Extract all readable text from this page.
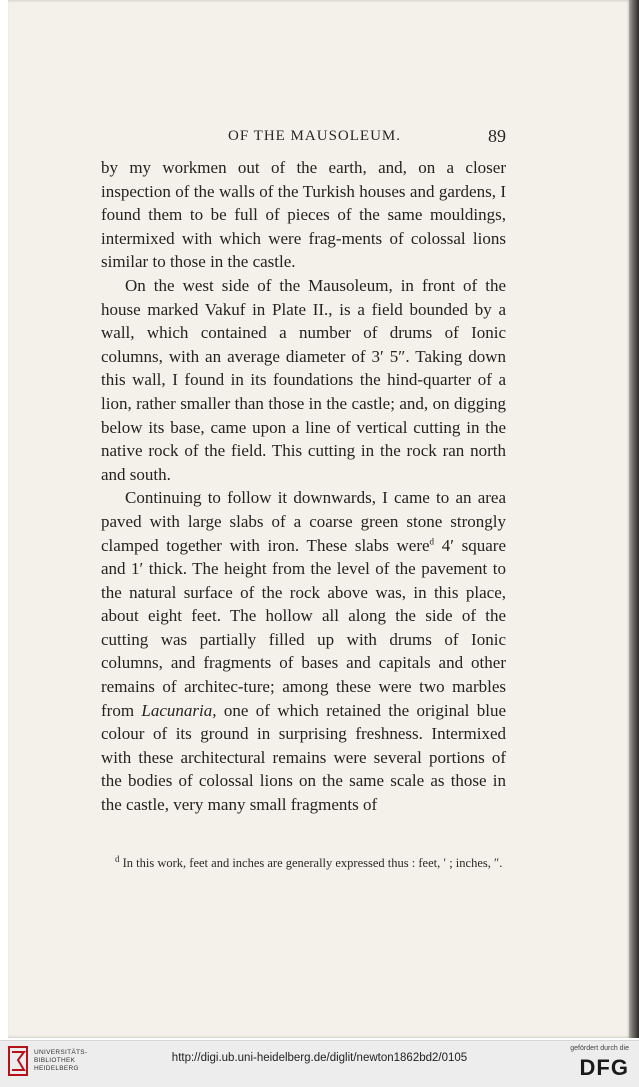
OF THE MAUSOLEUM.	89

by my workmen out of the earth, and, on a closer inspection of the walls of the Turkish houses and gardens, I found them to be full of pieces of the same mouldings, intermixed with which were frag-ments of colossal lions similar to those in the castle.

On the west side of the Mausoleum, in front of the house marked Vakuf in Plate II., is a field bounded by a wall, which contained a number of drums of Ionic columns, with an average diameter of 3′ 5″. Taking down this wall, I found in its foundations the hind-quarter of a lion, rather smaller than those in the castle; and, on digging below its base, came upon a line of vertical cutting in the native rock of the field. This cutting in the rock ran north and south.

Continuing to follow it downwards, I came to an area paved with large slabs of a coarse green stone strongly clamped together with iron. These slabs were$^d$ 4′ square and 1′ thick. The height from the level of the pavement to the natural surface of the rock above was, in this place, about eight feet. The hollow all along the side of the cutting was partially filled up with drums of Ionic columns, and fragments of bases and capitals and other remains of architec-ture; among these were two marbles from Lacunaria, one of which retained the original blue colour of its ground in surprising freshness. Intermixed with these architectural remains were several portions of the bodies of colossal lions on the same scale as those in the castle, very many small fragments of

$^d$ In this work, feet and inches are generally expressed thus : feet, ′ ; inches, ″.
UNIVERSITÄTS-
BIBLIOTHEK
HEIDELBERG
http://digi.ub.uni-heidelberg.de/diglit/newton1862bd2/0105
gefördert durch die
DFG
